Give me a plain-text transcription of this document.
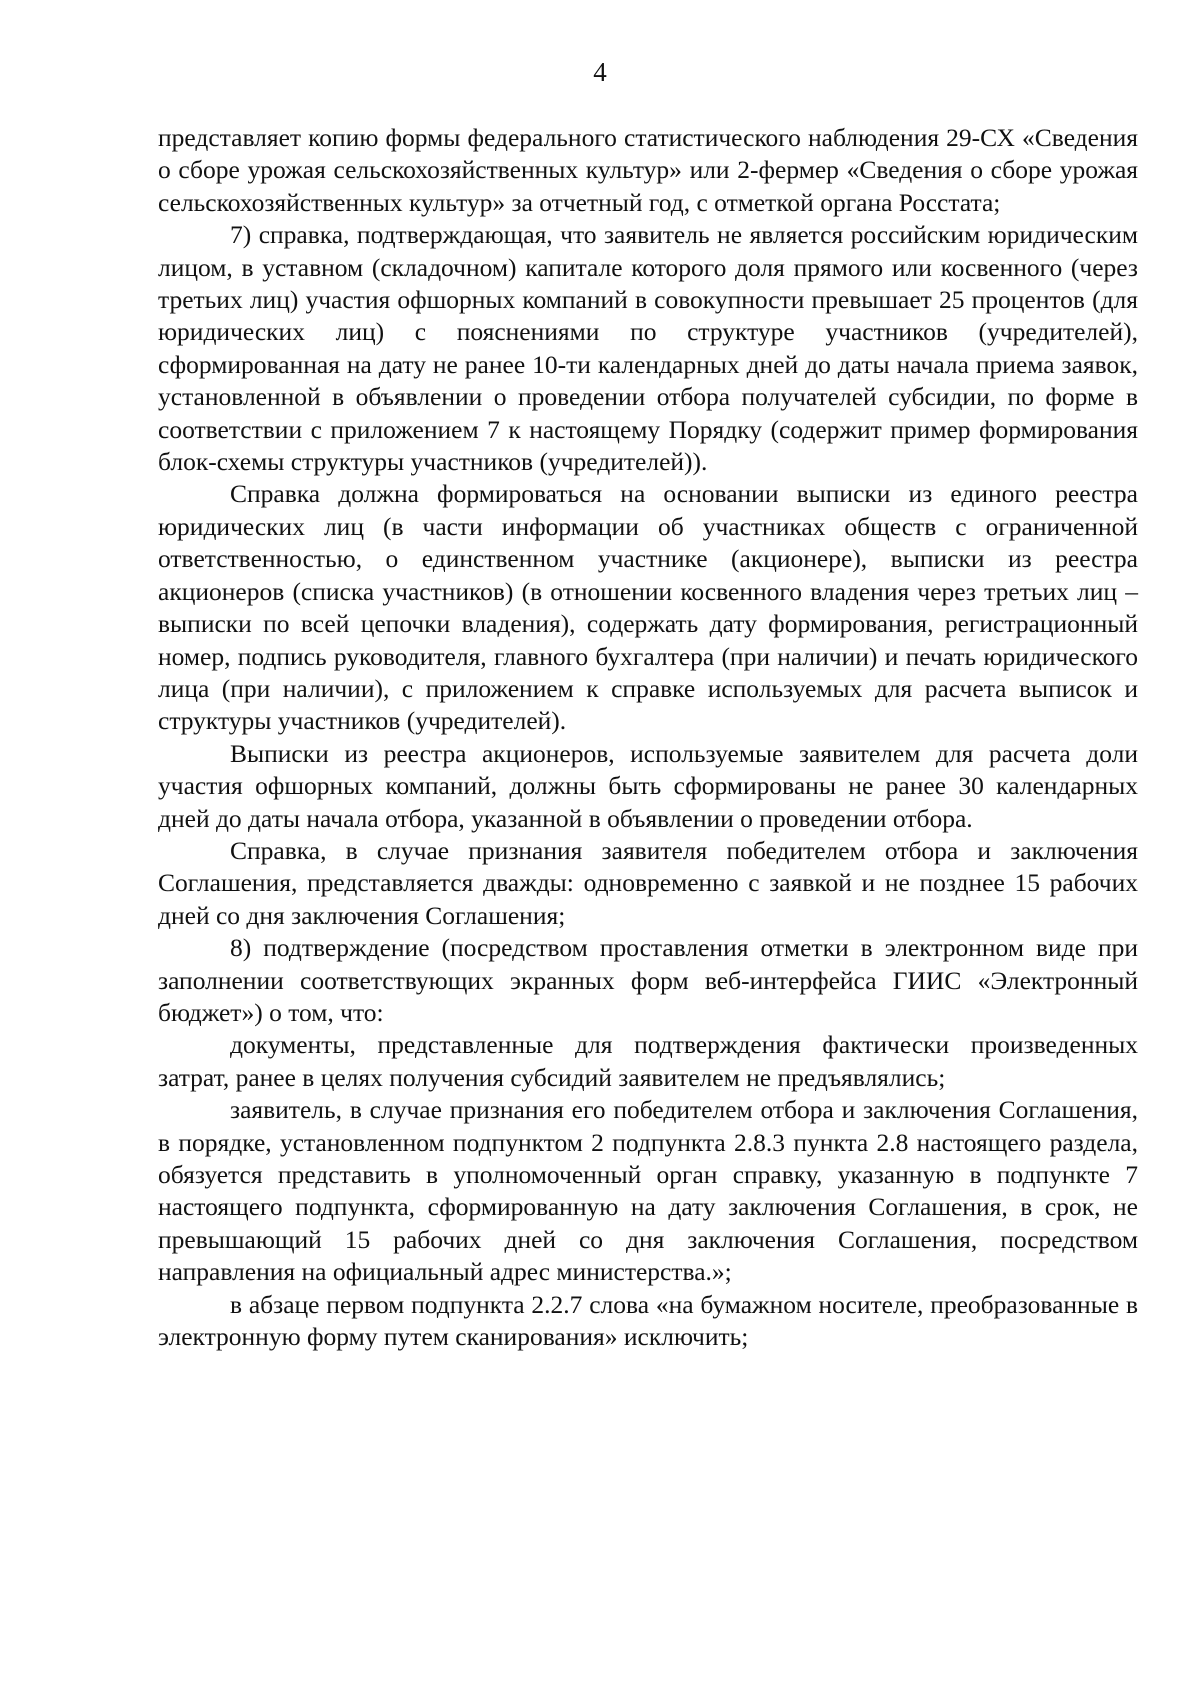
4

представляет копию формы федерального статистического наблюдения 29-СХ «Сведения о сборе урожая сельскохозяйственных культур» или 2-фермер «Сведения о сборе урожая сельскохозяйственных культур» за отчетный год, с отметкой органа Росстата;

7) справка, подтверждающая, что заявитель не является российским юридическим лицом, в уставном (складочном) капитале которого доля прямого или косвенного (через третьих лиц) участия офшорных компаний в совокупности превышает 25 процентов (для юридических лиц) с пояснениями по структуре участников (учредителей), сформированная на дату не ранее 10-ти календарных дней до даты начала приема заявок, установленной в объявлении о проведении отбора получателей субсидии, по форме в соответствии с приложением 7 к настоящему Порядку (содержит пример формирования блок-схемы структуры участников (учредителей)).

Справка должна формироваться на основании выписки из единого реестра юридических лиц (в части информации об участниках обществ с ограниченной ответственностью, о единственном участнике (акционере), выписки из реестра акционеров (списка участников) (в отношении косвенного владения через третьих лиц – выписки по всей цепочки владения), содержать дату формирования, регистрационный номер, подпись руководителя, главного бухгалтера (при наличии) и печать юридического лица (при наличии), с приложением к справке используемых для расчета выписок и структуры участников (учредителей).

Выписки из реестра акционеров, используемые заявителем для расчета доли участия офшорных компаний, должны быть сформированы не ранее 30 календарных дней до даты начала отбора, указанной в объявлении о проведении отбора.

Справка, в случае признания заявителя победителем отбора и заключения Соглашения, представляется дважды: одновременно с заявкой и не позднее 15 рабочих дней со дня заключения Соглашения;

8) подтверждение (посредством проставления отметки в электронном виде при заполнении соответствующих экранных форм веб-интерфейса ГИИС «Электронный бюджет») о том, что:

документы, представленные для подтверждения фактически произведенных затрат, ранее в целях получения субсидий заявителем не предъявлялись;

заявитель, в случае признания его победителем отбора и заключения Соглашения, в порядке, установленном подпунктом 2 подпункта 2.8.3 пункта 2.8 настоящего раздела, обязуется представить в уполномоченный орган справку, указанную в подпункте 7 настоящего подпункта, сформированную на дату заключения Соглашения, в срок, не превышающий 15 рабочих дней со дня заключения Соглашения, посредством направления на официальный адрес министерства.»;

в абзаце первом подпункта 2.2.7 слова «на бумажном носителе, преобразованные в электронную форму путем сканирования» исключить;
